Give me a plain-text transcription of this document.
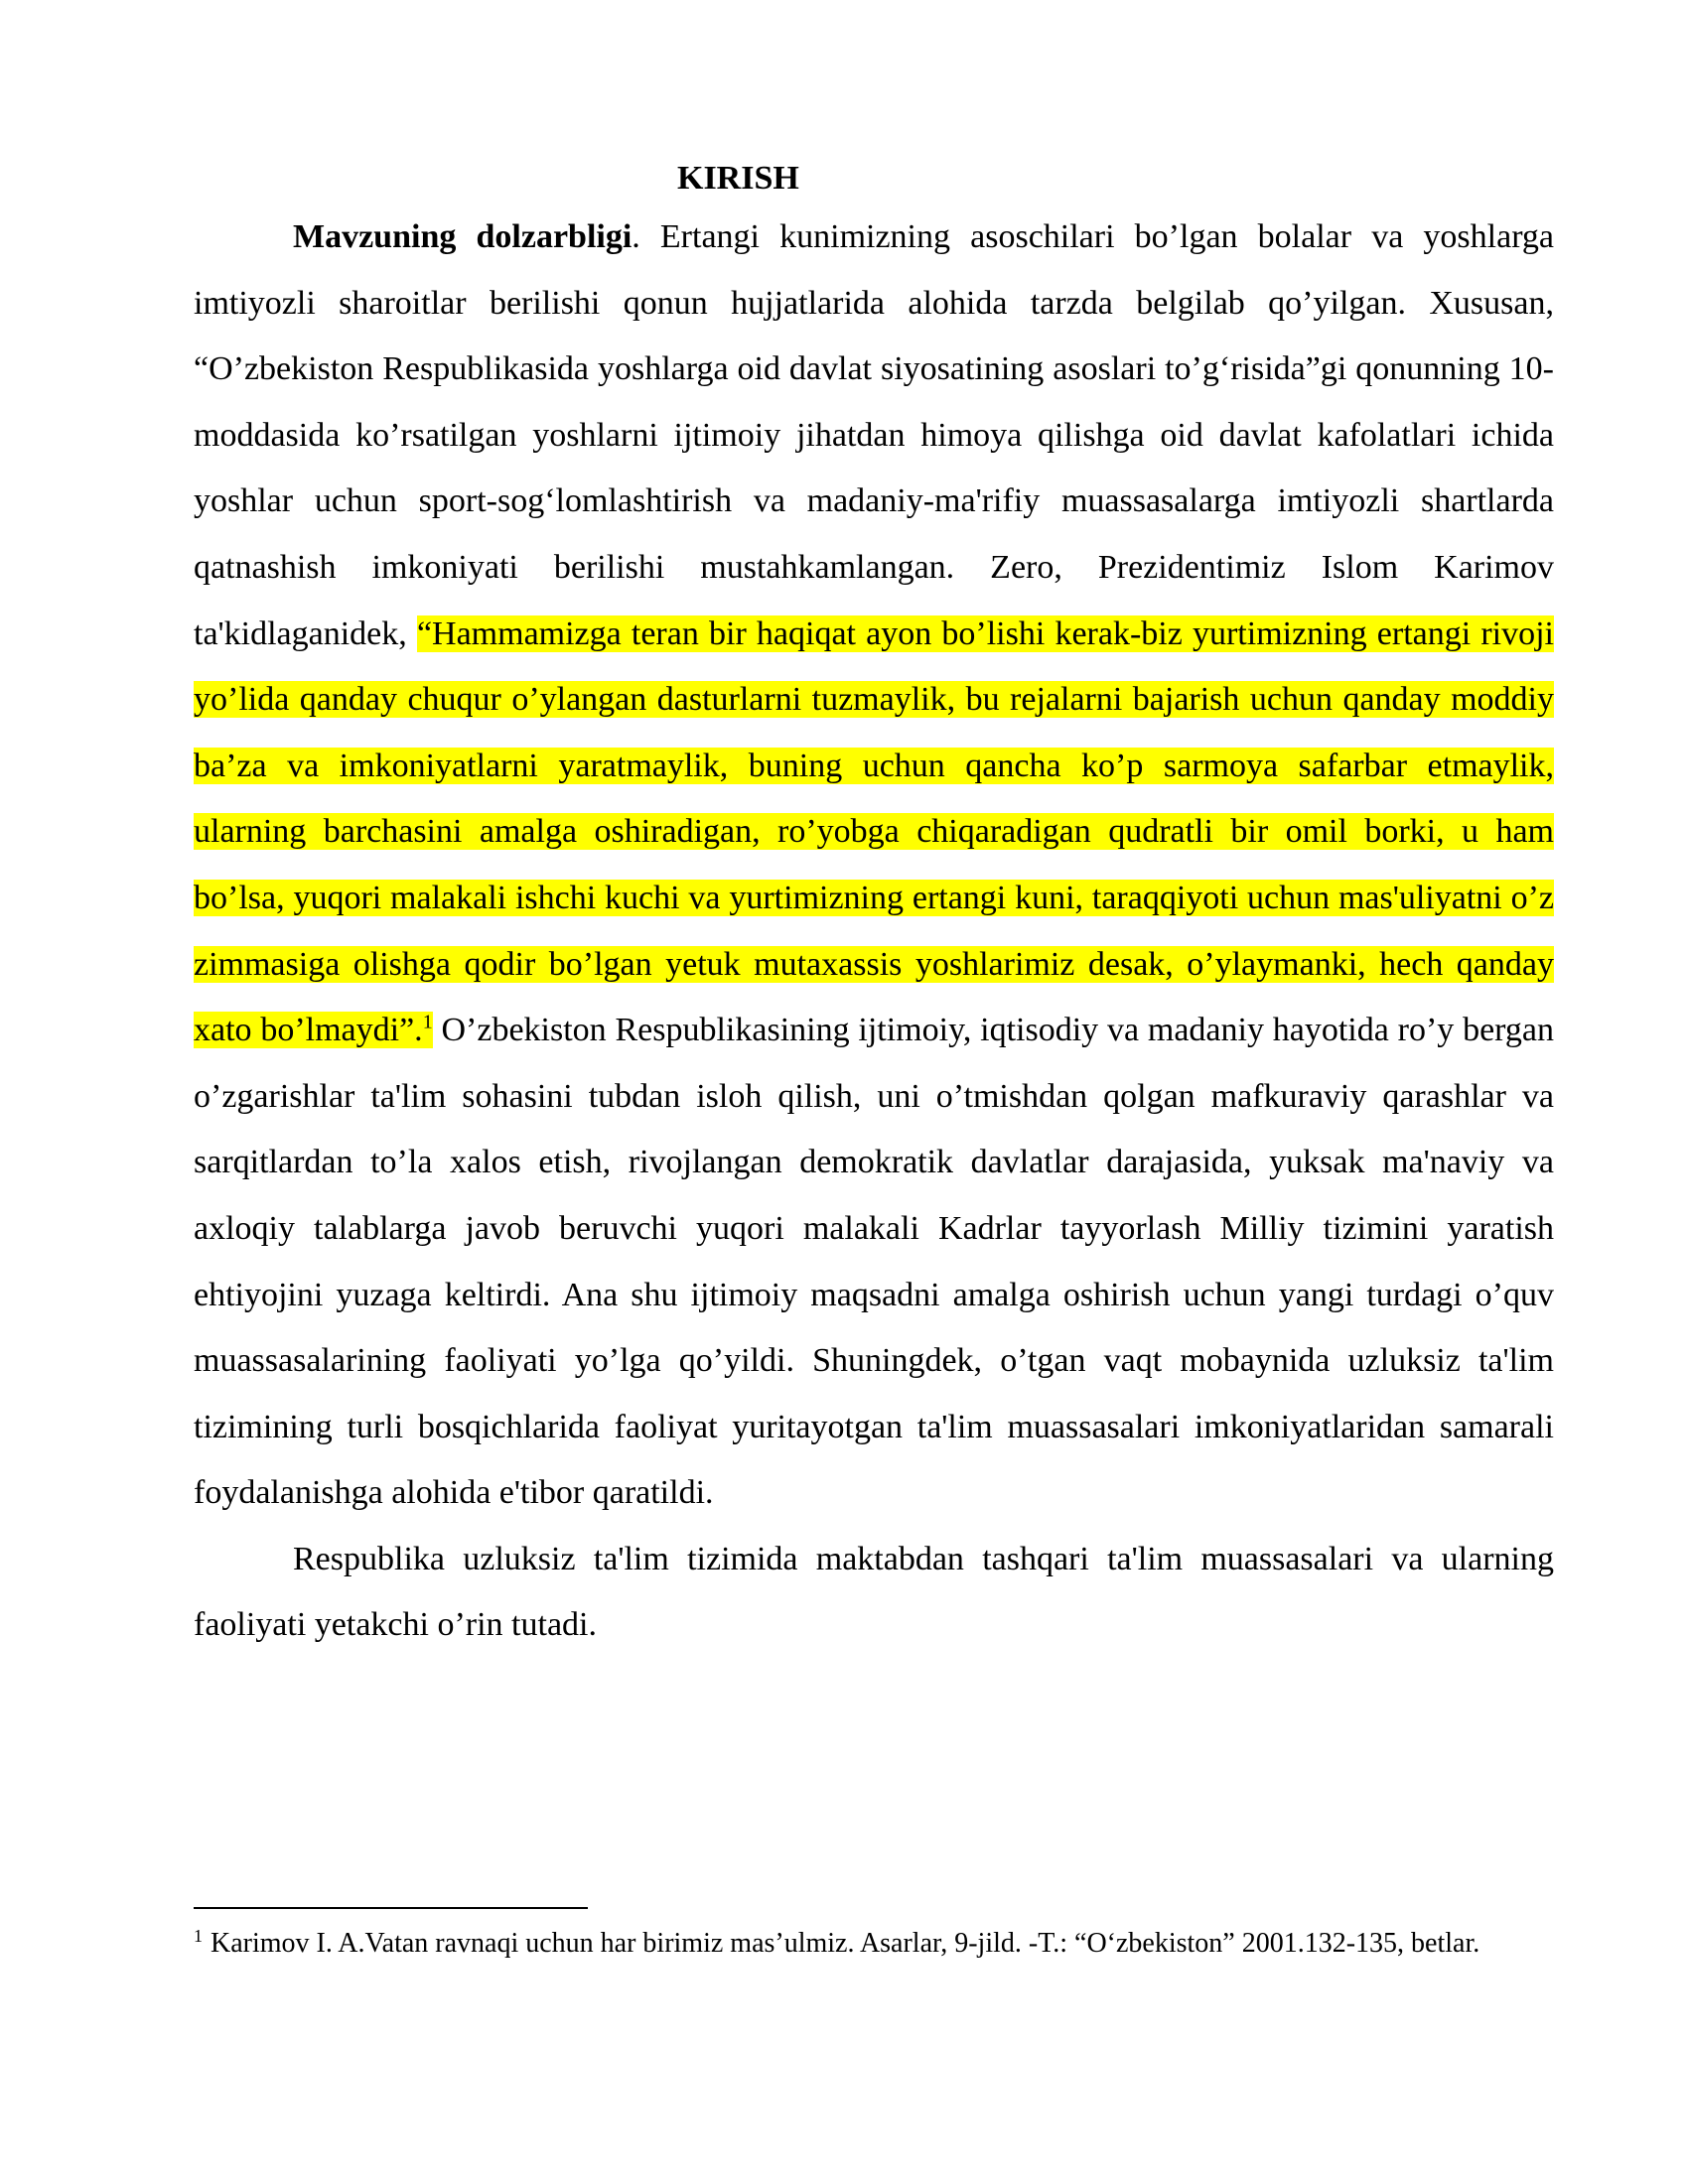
KIRISH

Mavzuning dolzarbligi. Ertangi kunimizning asoschilari bo’lgan bolalar va yoshlarga imtiyozli sharoitlar berilishi qonun hujjatlarida alohida tarzda belgilab qo’yilgan. Xususan, “O’zbekiston Respublikasida yoshlarga oid davlat siyosatining asoslari to’g‘risida”gi qonunning 10-moddasida ko’rsatilgan yoshlarni ijtimoiy jihatdan himoya qilishga oid davlat kafolatlari ichida yoshlar uchun sport-sog‘lomlashtirish va madaniy-ma'rifiy muassasalarga imtiyozli shartlarda qatnashish imkoniyati berilishi mustahkamlangan. Zero, Prezidentimiz Islom Karimov ta'kidlaganidek, “Hammamizga teran bir haqiqat ayon bo’lishi kerak-biz yurtimizning ertangi rivoji yo’lida qanday chuqur o’ylangan dasturlarni tuzmaylik, bu rejalarni bajarish uchun qanday moddiy ba’za va imkoniyatlarni yaratmaylik, buning uchun qancha ko’p sarmoya safarbar etmaylik, ularning barchasini amalga oshiradigan, ro’yobga chiqaradigan qudratli bir omil borki, u ham bo’lsa, yuqori malakali ishchi kuchi va yurtimizning ertangi kuni, taraqqiyoti uchun mas'uliyatni o’z zimmasiga olishga qodir bo’lgan yetuk mutaxassis yoshlarimiz desak, o’ylaymanki, hech qanday xato bo’lmaydi”.$^1$ O’zbekiston Respublikasining ijtimoiy, iqtisodiy va madaniy hayotida ro’y bergan o’zgarishlar ta'lim sohasini tubdan isloh qilish, uni o’tmishdan qolgan mafkuraviy qarashlar va sarqitlardan to’la xalos etish, rivojlangan demokratik davlatlar darajasida, yuksak ma'naviy va axloqiy talablarga javob beruvchi yuqori malakali Kadrlar tayyorlash Milliy tizimini yaratish ehtiyojini yuzaga keltirdi. Ana shu ijtimoiy maqsadni amalga oshirish uchun yangi turdagi o’quv muassasalarining faoliyati yo’lga qo’yildi. Shuningdek, o’tgan vaqt mobaynida uzluksiz ta'lim tizimining turli bosqichlarida faoliyat yuritayotgan ta'lim muassasalari imkoniyatlaridan samarali foydalanishga alohida e'tibor qaratildi.

Respublika uzluksiz ta'lim tizimida maktabdan tashqari ta'lim muassasalari va ularning faoliyati yetakchi o’rin tutadi.

$^1$ Karimov I. A.Vatan ravnaqi uchun har birimiz mas’ulmiz. Asarlar, 9-jild. -T.: “O‘zbekiston” 2001.132-135, betlar.
